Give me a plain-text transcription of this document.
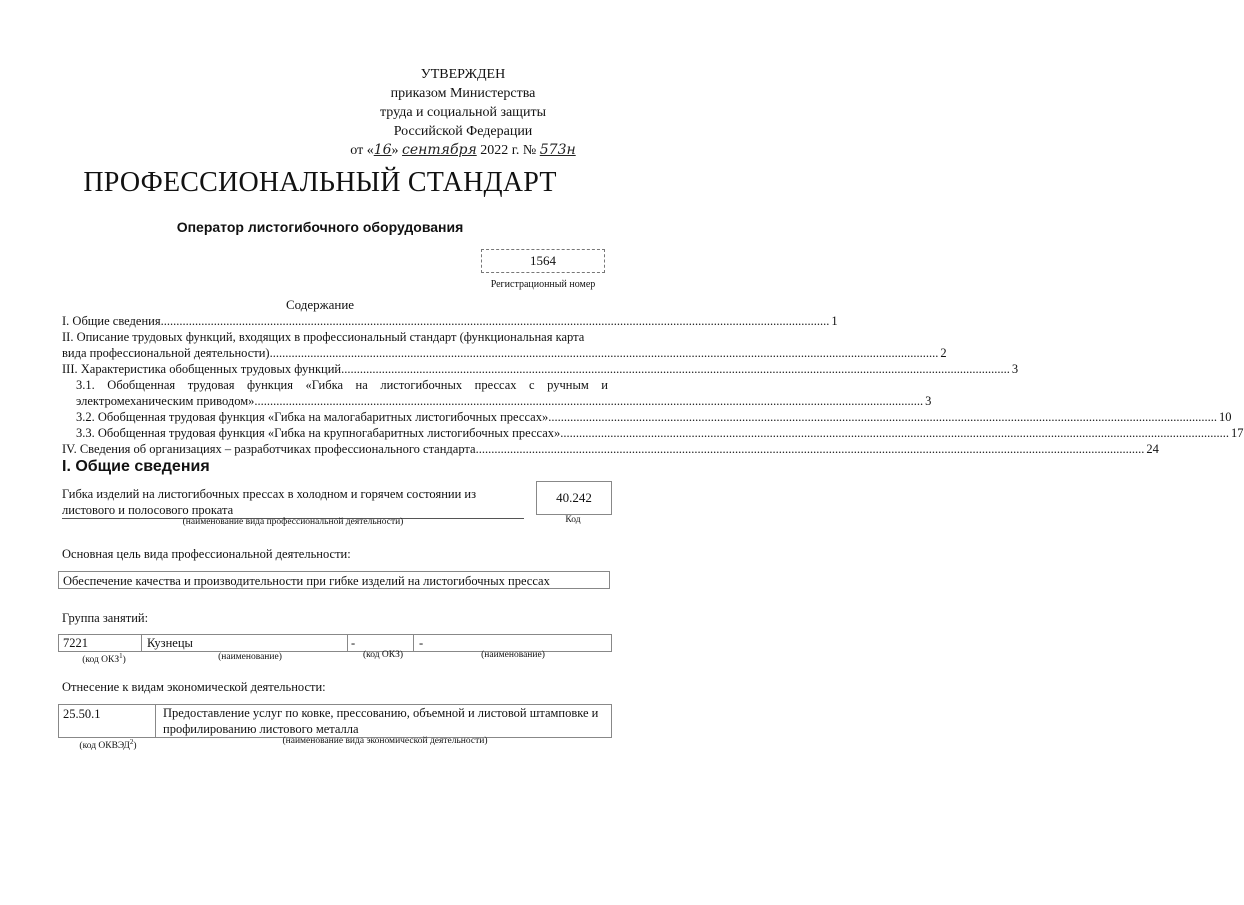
УТВЕРЖДЕН
приказом Министерства
труда и социальной защиты
Российской Федерации
от «16» сентября 2022 г. № 573н
ПРОФЕССИОНАЛЬНЫЙ СТАНДАРТ
Оператор листогибочного оборудования
1564
Регистрационный номер
Содержание
I. Общие сведения .....	1
II. Описание трудовых функций, входящих в профессиональный стандарт (функциональная карта
вида профессиональной деятельности) .....	2
III. Характеристика обобщенных трудовых функций .....	3
3.1. Обобщенная трудовая функция «Гибка на листогибочных прессах с ручным и
электромеханическим приводом» .....	3
3.2. Обобщенная трудовая функция «Гибка на малогабаритных листогибочных прессах» .....	10
3.3. Обобщенная трудовая функция «Гибка на крупногабаритных листогибочных прессах» .....	17
IV. Сведения об организациях – разработчиках профессионального стандарта .....	24
I. Общие сведения
Гибка изделий на листогибочных прессах в холодном и горячем состоянии из листового и полосового проката
(наименование вида профессиональной деятельности)
40.242
Код
Основная цель вида профессиональной деятельности:
Обеспечение качества и производительности при гибке изделий на листогибочных прессах
Группа занятий:
7221	Кузнецы	-	-
(код ОКЗ$^1$)	(наименование)	(код ОКЗ)	(наименование)
Отнесение к видам экономической деятельности:
25.50.1	Предоставление услуг по ковке, прессованию, объемной и листовой штамповке и профилированию листового металла
(код ОКВЭД$^2$)
(наименование вида экономической деятельности)
